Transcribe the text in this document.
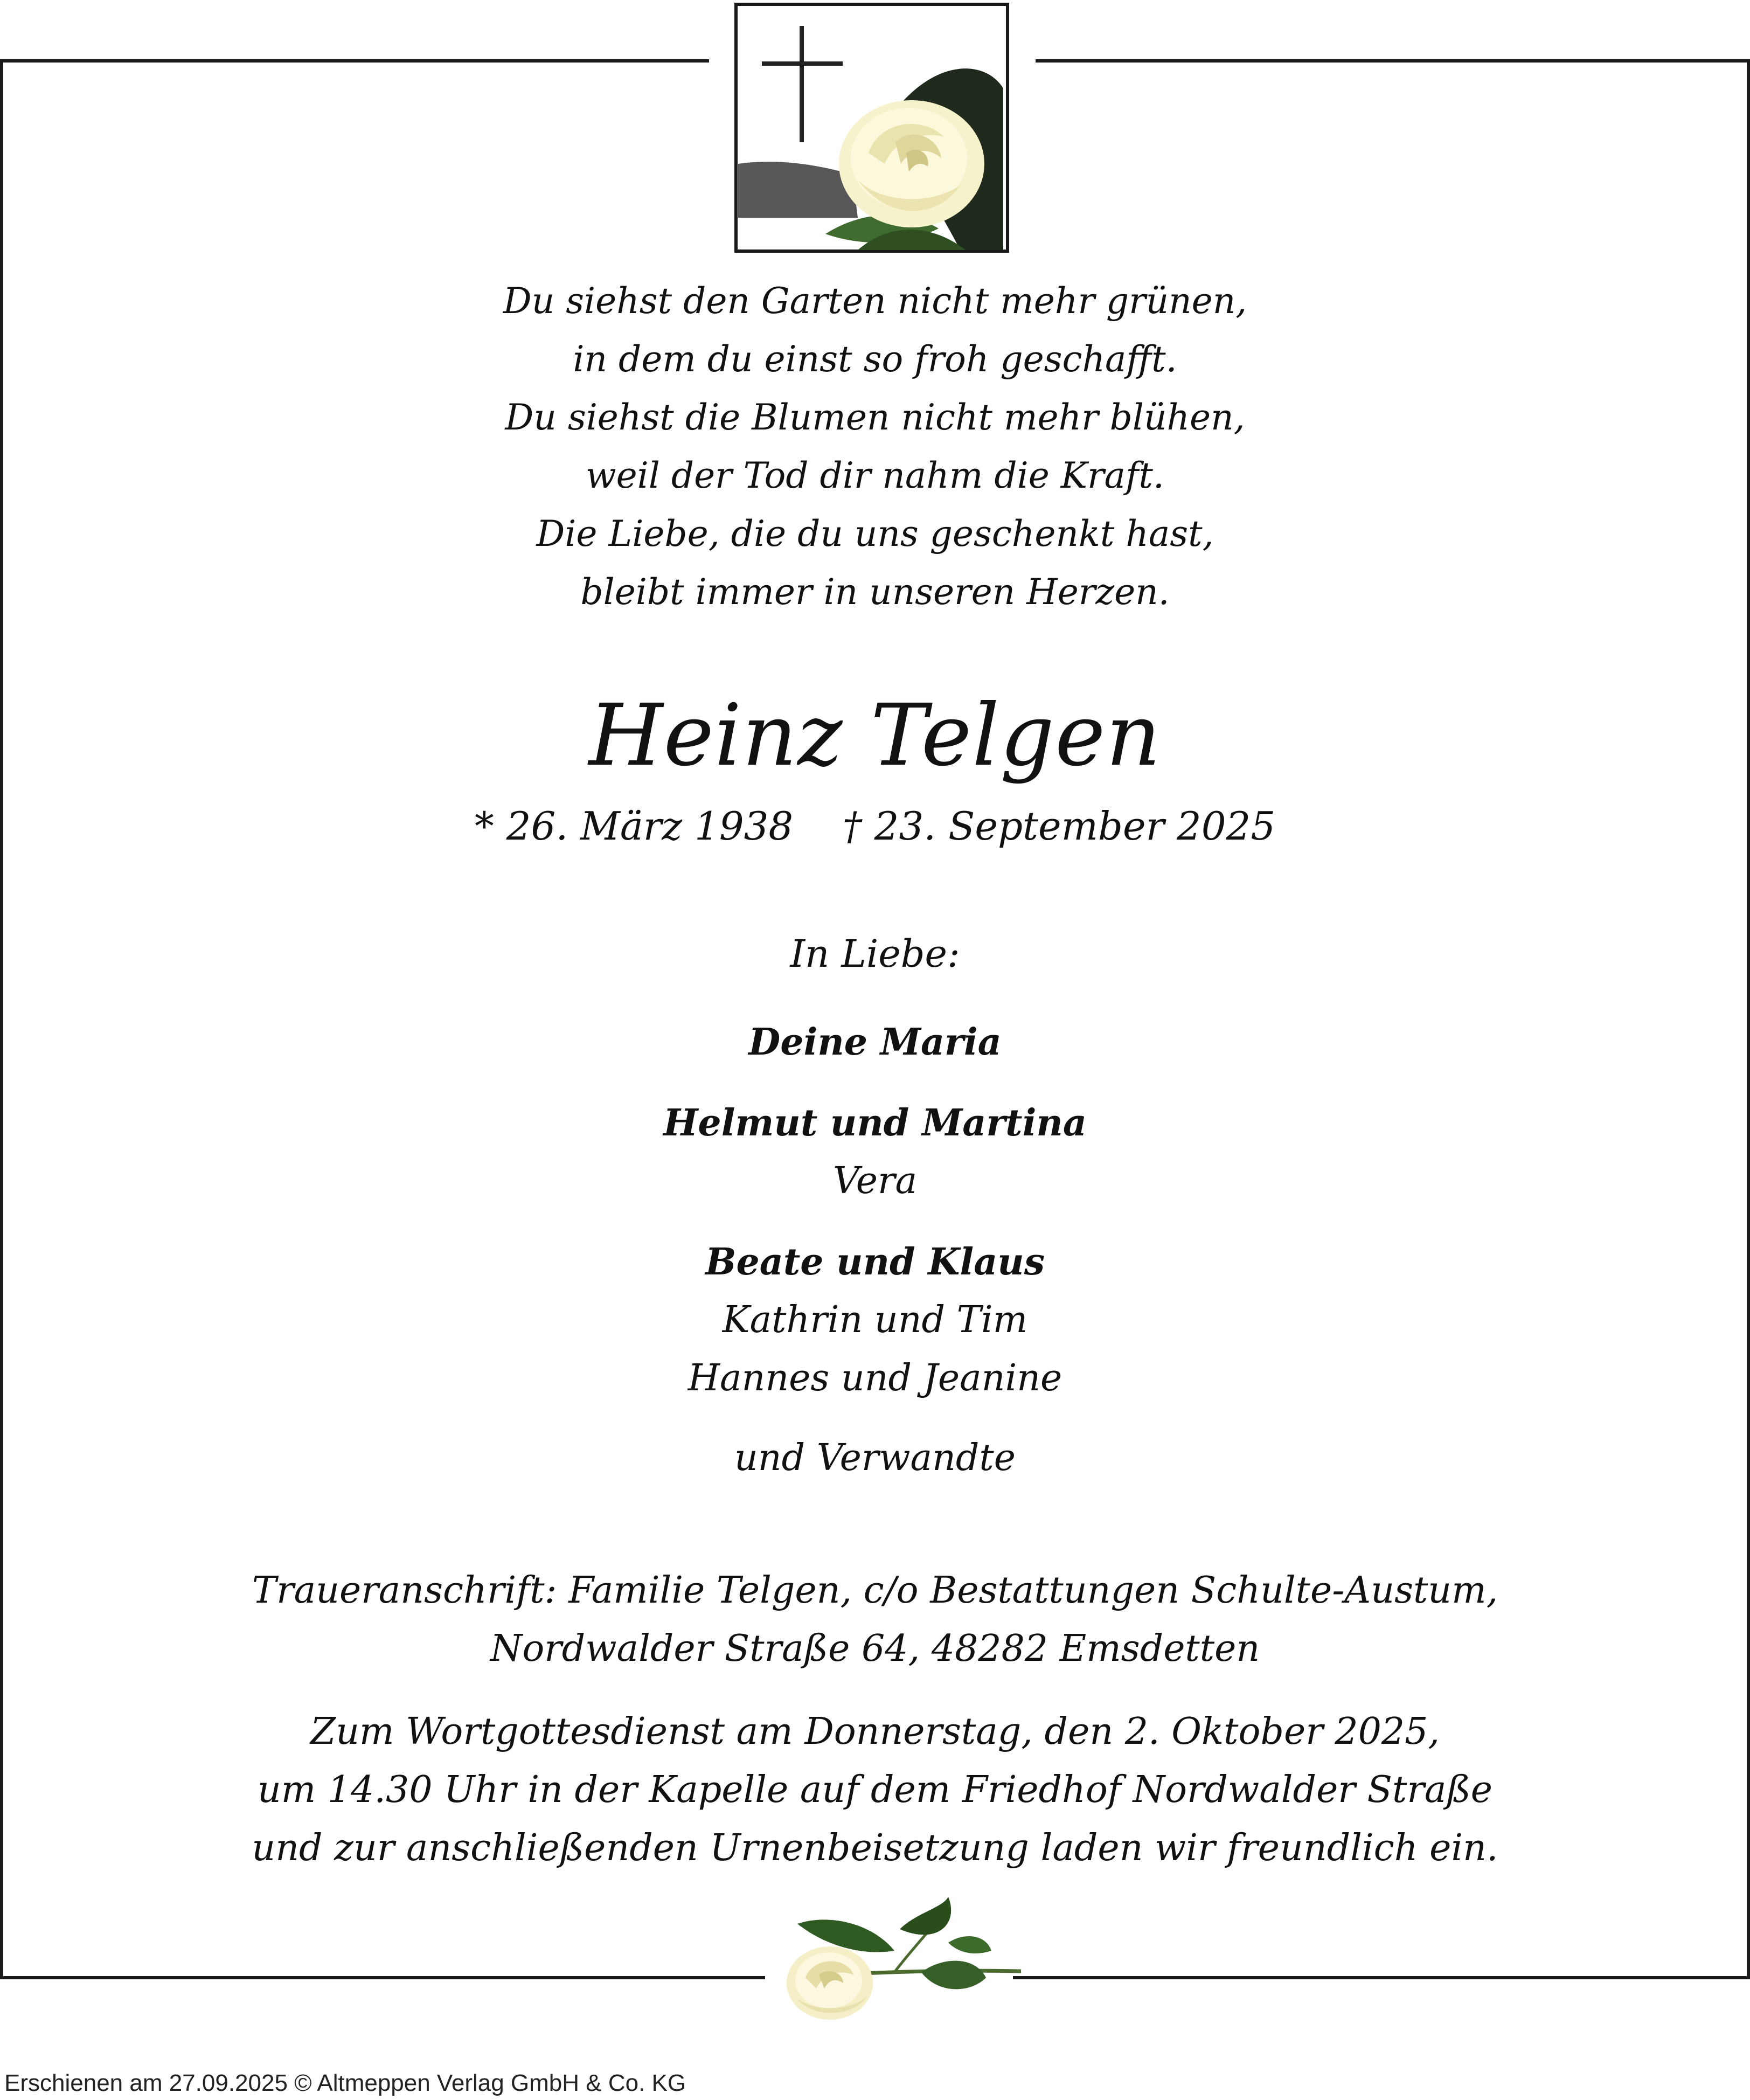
Du siehst den Garten nicht mehr grünen,
in dem du einst so froh geschafft.
Du siehst die Blumen nicht mehr blühen,
weil der Tod dir nahm die Kraft.
Die Liebe, die du uns geschenkt hast,
bleibt immer in unseren Herzen.
Heinz Telgen
* 26. März 1938    † 23. September 2025
In Liebe:
Deine Maria
Helmut und Martina
Vera
Beate und Klaus
Kathrin und Tim
Hannes und Jeanine
und Verwandte
Traueranschrift: Familie Telgen, c/o Bestattungen Schulte-Austum,
Nordwalder Straße 64, 48282 Emsdetten
Zum Wortgottesdienst am Donnerstag, den 2. Oktober 2025,
um 14.30 Uhr in der Kapelle auf dem Friedhof Nordwalder Straße
und zur anschließenden Urnenbeisetzung laden wir freundlich ein.
Erschienen am 27.09.2025 © Altmeppen Verlag GmbH & Co. KG
